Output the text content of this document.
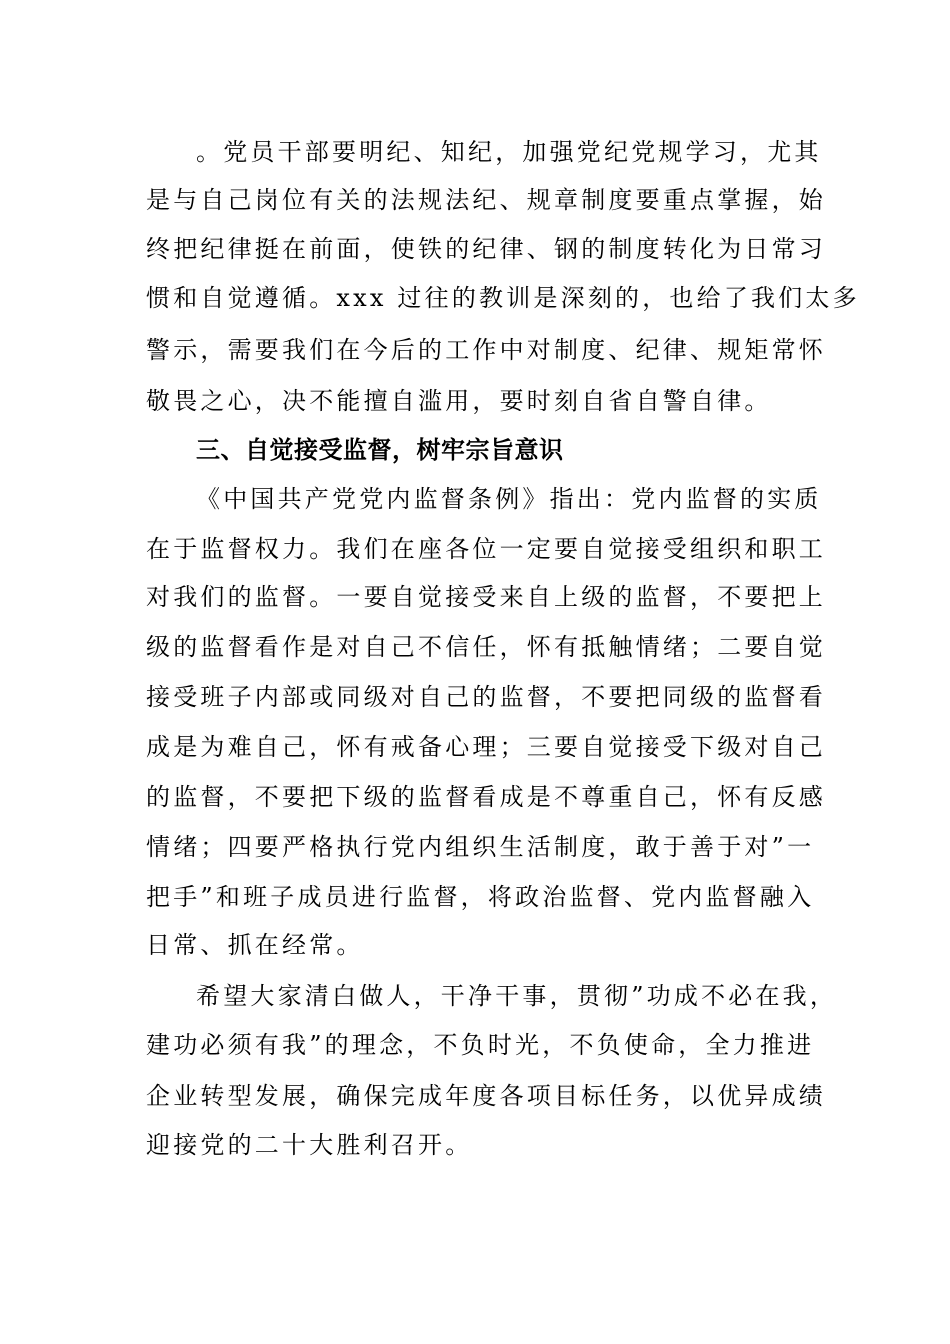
。党员干部要明纪、知纪，加强党纪党规学习，尤其
是与自己岗位有关的法规法纪、规章制度要重点掌握，始
终把纪律挺在前面，使铁的纪律、钢的制度转化为日常习
惯和自觉遵循。xxx 过往的教训是深刻的，也给了我们太多
警示，需要我们在今后的工作中对制度、纪律、规矩常怀
敬畏之心，决不能擅自滥用，要时刻自省自警自律。
三、自觉接受监督，树牢宗旨意识
《中国共产党党内监督条例》指出：党内监督的实质
在于监督权力。我们在座各位一定要自觉接受组织和职工
对我们的监督。一要自觉接受来自上级的监督，不要把上
级的监督看作是对自己不信任，怀有抵触情绪；二要自觉
接受班子内部或同级对自己的监督，不要把同级的监督看
成是为难自己，怀有戒备心理；三要自觉接受下级对自己
的监督，不要把下级的监督看成是不尊重自己，怀有反感
情绪；四要严格执行党内组织生活制度，敢于善于对”一
把手”和班子成员进行监督，将政治监督、党内监督融入
日常、抓在经常。
希望大家清白做人，干净干事，贯彻”功成不必在我，
建功必须有我”的理念，不负时光，不负使命，全力推进
企业转型发展，确保完成年度各项目标任务，以优异成绩
迎接党的二十大胜利召开。
